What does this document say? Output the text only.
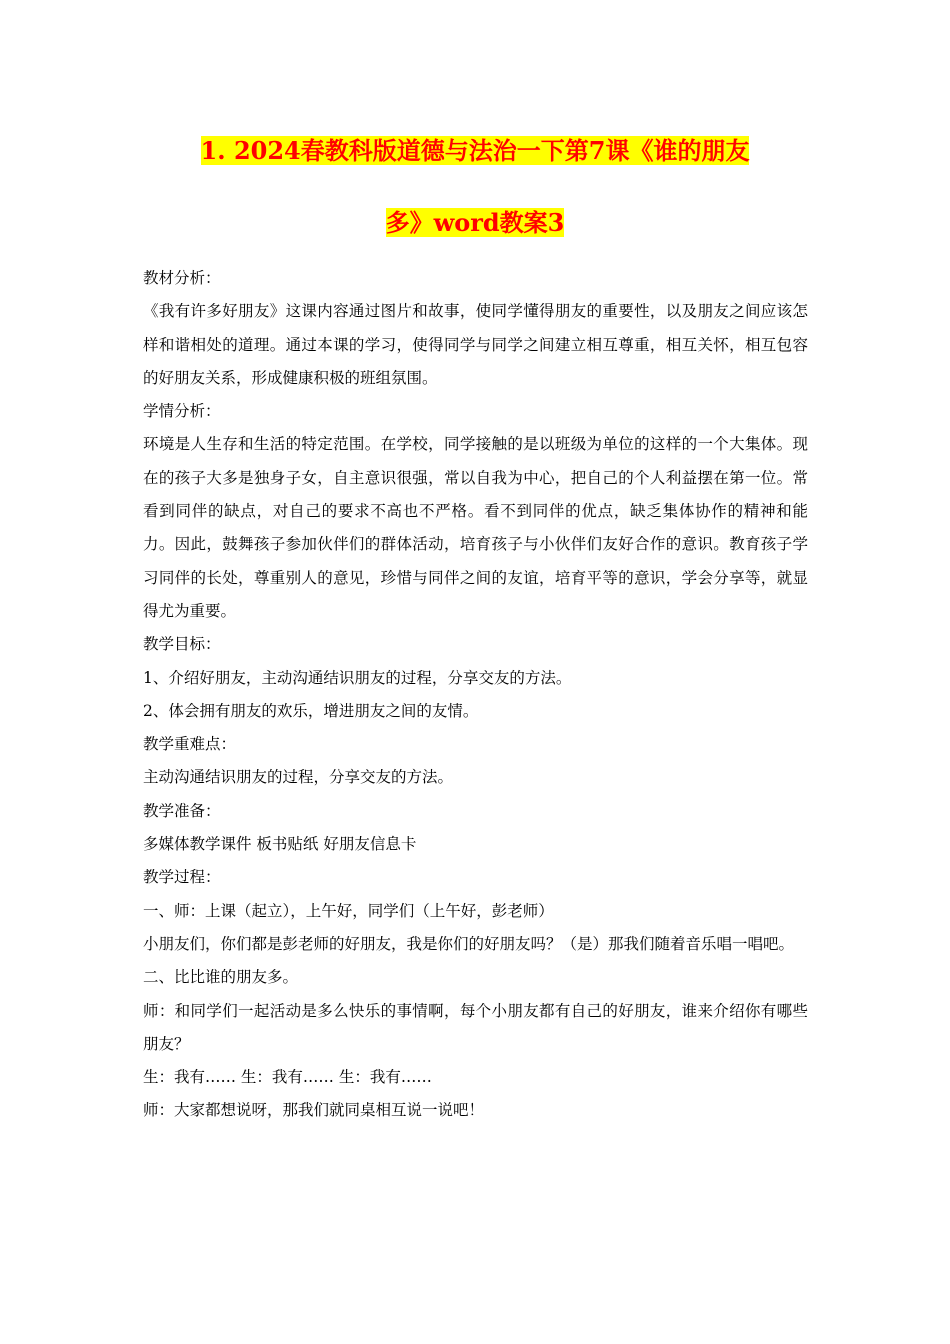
1. 2024春教科版道德与法治一下第7课《谁的朋友
多》word教案3

教材分析：

《我有许多好朋友》这课内容通过图片和故事，使同学懂得朋友的重要性，以及朋友之间应该怎样和谐相处的道理。通过本课的学习，使得同学与同学之间建立相互尊重，相互关怀，相互包容的好朋友关系，形成健康积极的班组氛围。

学情分析：

环境是人生存和生活的特定范围。在学校，同学接触的是以班级为单位的这样的一个大集体。现在的孩子大多是独身子女，自主意识很强，常以自我为中心，把自己的个人利益摆在第一位。常看到同伴的缺点，对自己的要求不高也不严格。看不到同伴的优点，缺乏集体协作的精神和能力。因此，鼓舞孩子参加伙伴们的群体活动，培育孩子与小伙伴们友好合作的意识。教育孩子学习同伴的长处，尊重别人的意见，珍惜与同伴之间的友谊，培育平等的意识，学会分享等，就显得尤为重要。

教学目标：

1、介绍好朋友，主动沟通结识朋友的过程，分享交友的方法。

2、体会拥有朋友的欢乐，增进朋友之间的友情。

教学重难点：

主动沟通结识朋友的过程，分享交友的方法。

教学准备：

多媒体教学课件 板书贴纸 好朋友信息卡

教学过程：

一、师：上课（起立），上午好，同学们（上午好，彭老师）

小朋友们，你们都是彭老师的好朋友，我是你们的好朋友吗？（是）那我们随着音乐唱一唱吧。

二、比比谁的朋友多。

师：和同学们一起活动是多么快乐的事情啊，每个小朋友都有自己的好朋友，谁来介绍你有哪些朋友？

生：我有…… 生：我有…… 生：我有……

师：大家都想说呀，那我们就同桌相互说一说吧！
